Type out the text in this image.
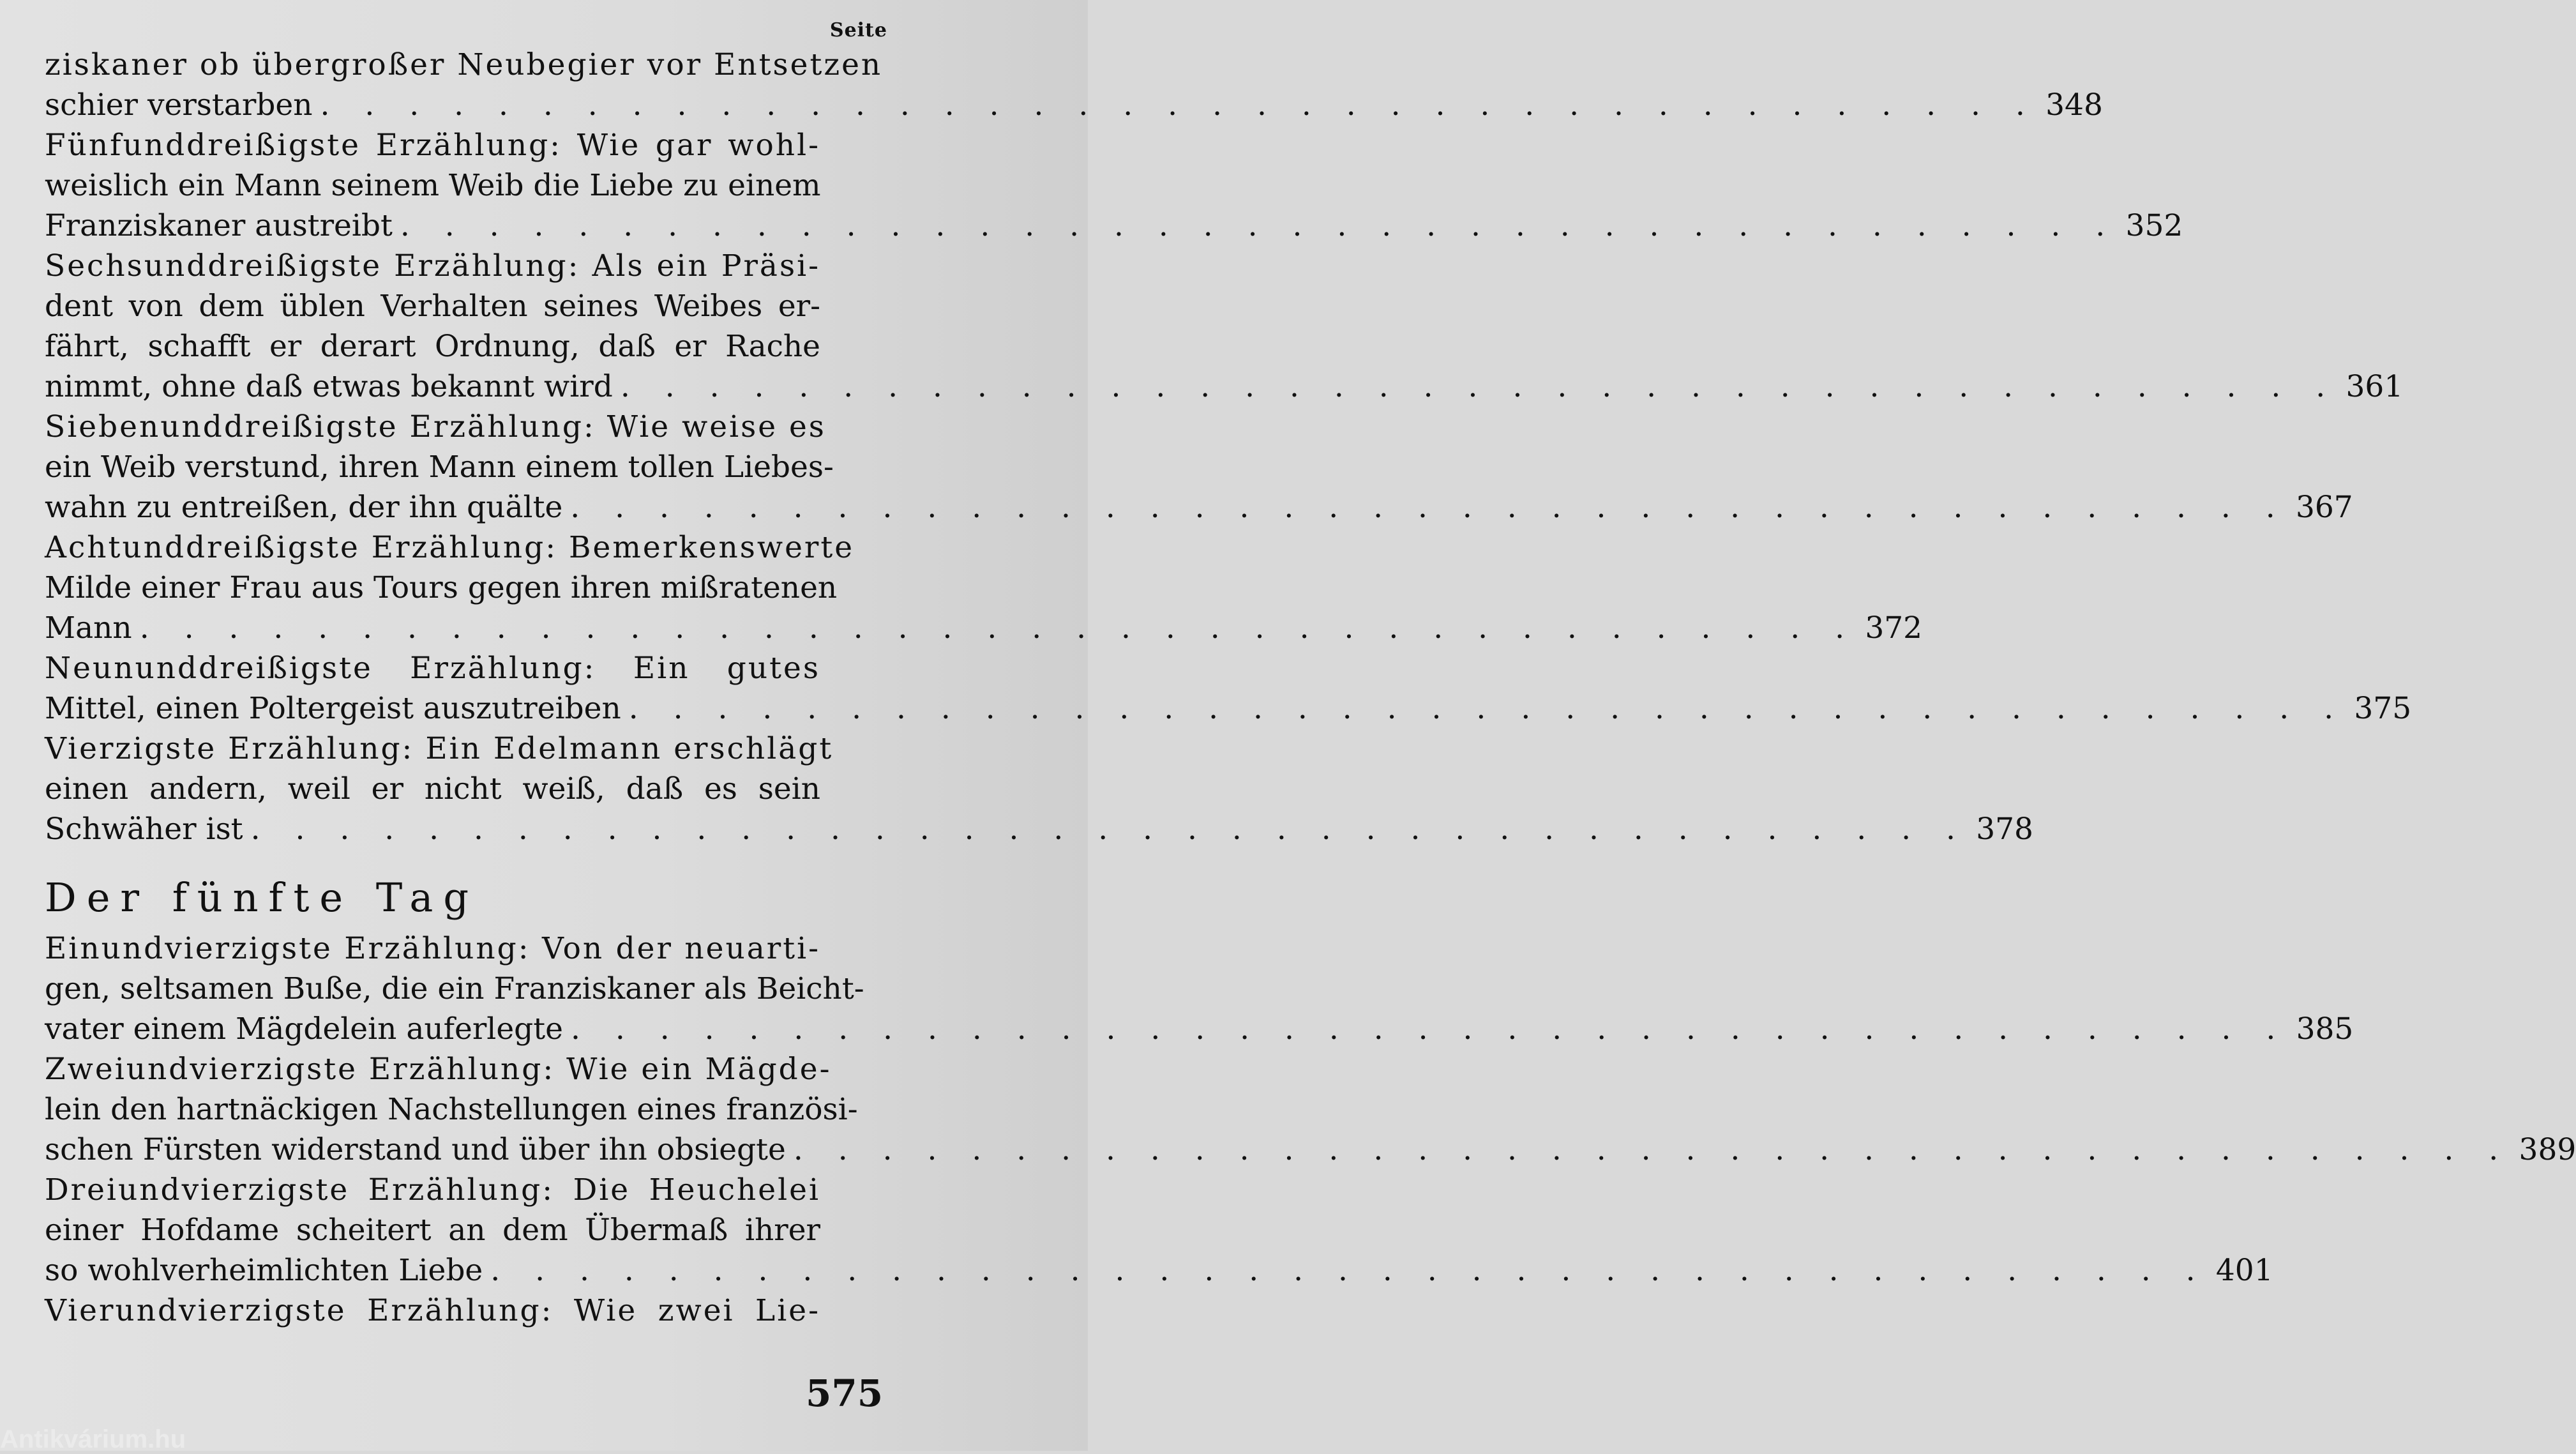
Seite
ziskaner ob übergroßer Neubegier vor Entsetzen
schier verstarben . . .	348
Fünfunddreißigste Erzählung: Wie gar wohl-
weislich ein Mann seinem Weib die Liebe zu einem
Franziskaner austreibt . . .	352
Sechsunddreißigste Erzählung: Als ein Präsi-
dent von dem üblen Verhalten seines Weibes er-
fährt, schafft er derart Ordnung, daß er Rache
nimmt, ohne daß etwas bekannt wird . . .	361
Siebenunddreißigste Erzählung: Wie weise es
ein Weib verstund, ihren Mann einem tollen Liebes-
wahn zu entreißen, der ihn quälte . . .	367
Achtunddreißigste Erzählung: Bemerkenswerte
Milde einer Frau aus Tours gegen ihren mißratenen
Mann . . .	372
Neununddreißigste Erzählung: Ein gutes
Mittel, einen Poltergeist auszutreiben . . .	375
Vierzigste Erzählung: Ein Edelmann erschlägt
einen andern, weil er nicht weiß, daß es sein
Schwäher ist . . .	378
Der fünfte Tag
Einundvierzigste Erzählung: Von der neuarti-
gen, seltsamen Buße, die ein Franziskaner als Beicht-
vater einem Mägdelein auferlegte . . .	385
Zweiundvierzigste Erzählung: Wie ein Mägde-
lein den hartnäckigen Nachstellungen eines französi-
schen Fürsten widerstand und über ihn obsiegte . . .	389
Dreiundvierzigste Erzählung: Die Heuchelei
einer Hofdame scheitert an dem Übermaß ihrer
so wohlverheimlichten Liebe . . .	401
Vierundvierzigste Erzählung: Wie zwei Lie-
575
Antikvárium.hu
